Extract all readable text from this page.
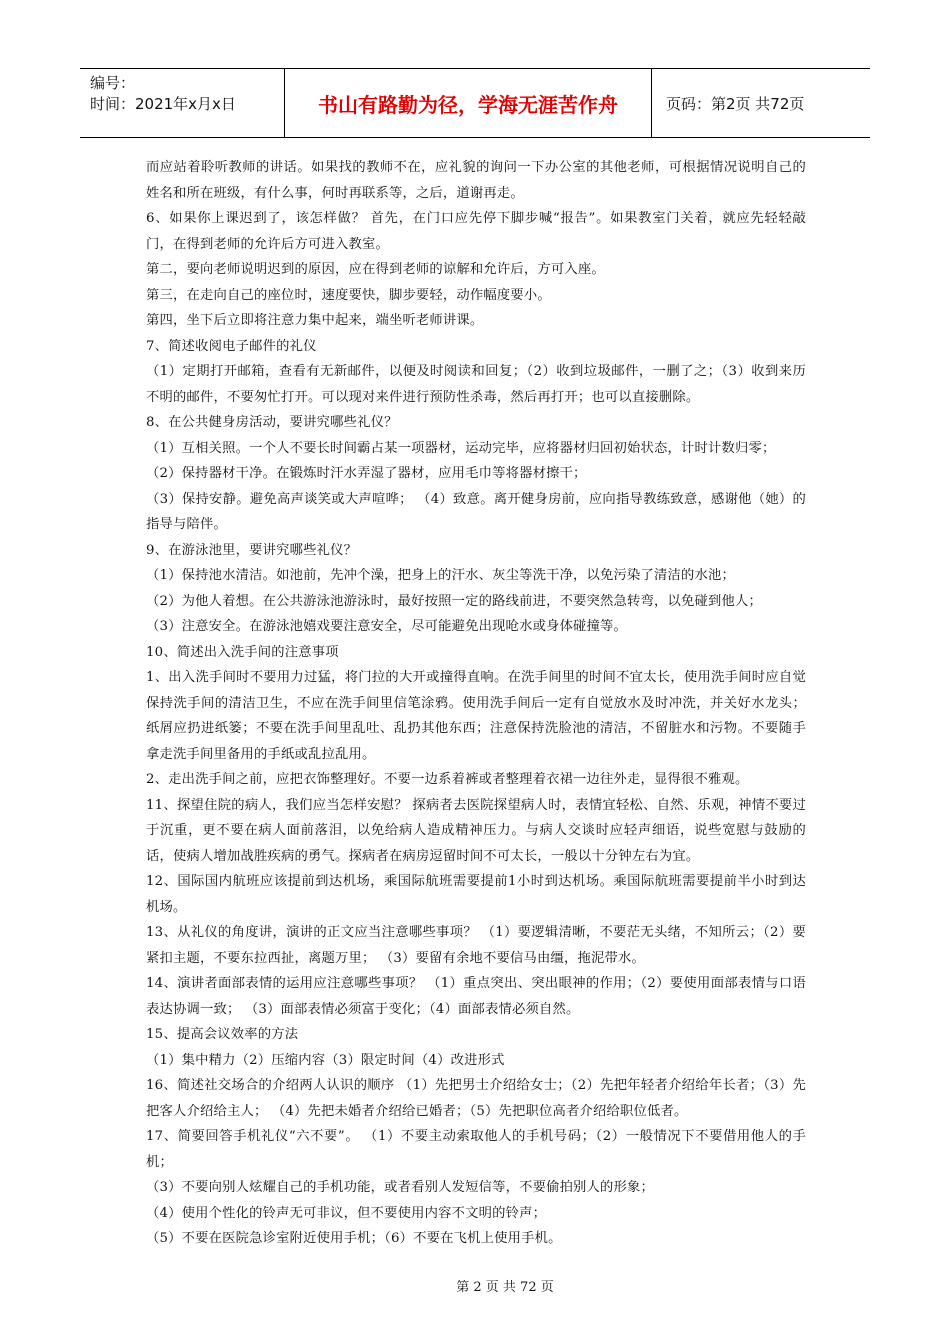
编号：
时间：2021年x月x日	书山有路勤为径，学海无涯苦作舟	页码：第2页 共72页

而应站着聆听教师的讲话。如果找的教师不在，应礼貌的询问一下办公室的其他老师，可根据情况说明自己的姓名和所在班级，有什么事，何时再联系等，之后，道谢再走。

6、如果你上课迟到了，该怎样做？ 首先，在门口应先停下脚步喊“报告”。如果教室门关着，就应先轻轻敲门，在得到老师的允许后方可进入教室。

第二，要向老师说明迟到的原因，应在得到老师的谅解和允许后，方可入座。

第三，在走向自己的座位时，速度要快，脚步要轻，动作幅度要小。

第四，坐下后立即将注意力集中起来，端坐听老师讲课。

7、简述收阅电子邮件的礼仪

（1）定期打开邮箱，查看有无新邮件，以便及时阅读和回复；（2）收到垃圾邮件，一删了之；（3）收到来历不明的邮件，不要匆忙打开。可以现对来件进行预防性杀毒，然后再打开；也可以直接删除。

8、在公共健身房活动，要讲究哪些礼仪？

（1）互相关照。一个人不要长时间霸占某一项器材，运动完毕，应将器材归回初始状态，计时计数归零；

（2）保持器材干净。在锻炼时汗水弄湿了器材，应用毛巾等将器材擦干；

（3）保持安静。避免高声谈笑或大声喧哗； （4）致意。离开健身房前，应向指导教练致意，感谢他（她）的指导与陪伴。

9、在游泳池里，要讲究哪些礼仪？

（1）保持池水清洁。如池前，先冲个澡，把身上的汗水、灰尘等洗干净，以免污染了清洁的水池；

（2）为他人着想。在公共游泳池游泳时，最好按照一定的路线前进，不要突然急转弯，以免碰到他人；

（3）注意安全。在游泳池嬉戏要注意安全，尽可能避免出现呛水或身体碰撞等。

10、简述出入洗手间的注意事项

1、出入洗手间时不要用力过猛，将门拉的大开或撞得直响。在洗手间里的时间不宜太长，使用洗手间时应自觉保持洗手间的清洁卫生，不应在洗手间里信笔涂鸦。使用洗手间后一定有自觉放水及时冲洗，并关好水龙头；纸屑应扔进纸篓；不要在洗手间里乱吐、乱扔其他东西；注意保持洗脸池的清洁，不留脏水和污物。不要随手拿走洗手间里备用的手纸或乱拉乱用。

2、走出洗手间之前，应把衣饰整理好。不要一边系着裤或者整理着衣裙一边往外走，显得很不雅观。

11、探望住院的病人，我们应当怎样安慰？ 探病者去医院探望病人时，表情宜轻松、自然、乐观，神情不要过于沉重，更不要在病人面前落泪，以免给病人造成精神压力。与病人交谈时应轻声细语，说些宽慰与鼓励的话，使病人增加战胜疾病的勇气。探病者在病房逗留时间不可太长，一般以十分钟左右为宜。

12、国际国内航班应该提前到达机场，乘国际航班需要提前1小时到达机场。乘国际航班需要提前半小时到达机场。

13、从礼仪的角度讲，演讲的正文应当注意哪些事项？ （1）要逻辑清晰，不要茫无头绪，不知所云；（2）要紧扣主题，不要东拉西扯，离题万里； （3）要留有余地不要信马由缰，拖泥带水。

14、演讲者面部表情的运用应注意哪些事项？ （1）重点突出、突出眼神的作用；（2）要使用面部表情与口语表达协调一致； （3）面部表情必须富于变化；（4）面部表情必须自然。

15、提高会议效率的方法

（1）集中精力（2）压缩内容（3）限定时间（4）改进形式

16、简述社交场合的介绍两人认识的顺序 （1）先把男士介绍给女士；（2）先把年轻者介绍给年长者；（3）先把客人介绍给主人； （4）先把未婚者介绍给已婚者；（5）先把职位高者介绍给职位低者。

17、简要回答手机礼仪“六不要”。 （1）不要主动索取他人的手机号码；（2）一般情况下不要借用他人的手机；

（3）不要向别人炫耀自己的手机功能，或者看别人发短信等，不要偷拍别人的形象；

（4）使用个性化的铃声无可非议，但不要使用内容不文明的铃声；

（5）不要在医院急诊室附近使用手机；（6）不要在飞机上使用手机。

第 2 页 共 72 页
